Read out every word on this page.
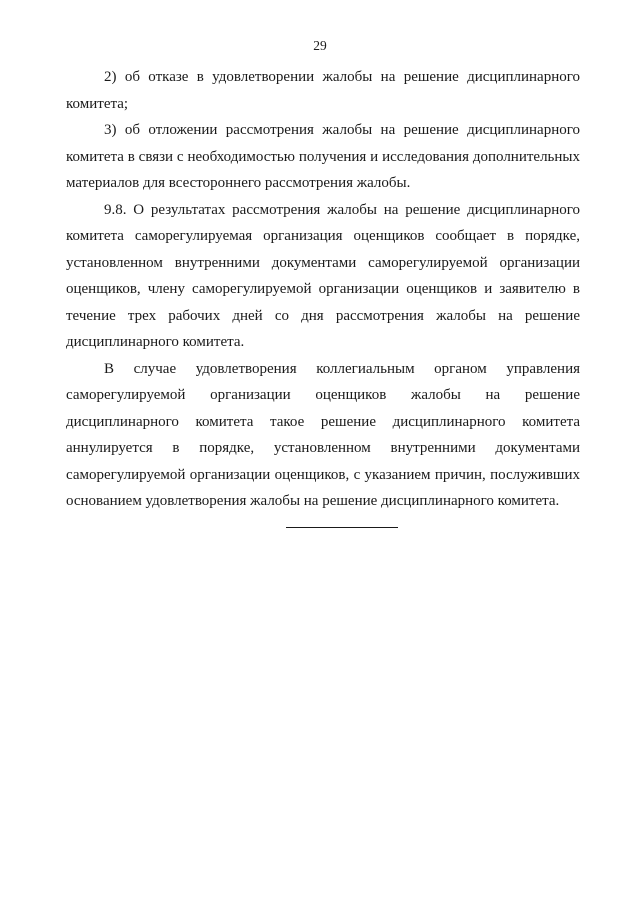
29

2) об отказе в удовлетворении жалобы на решение дисциплинарного комитета;

3) об отложении рассмотрения жалобы на решение дисциплинарного комитета в связи с необходимостью получения и исследования дополнительных материалов для всестороннего рассмотрения жалобы.

9.8. О результатах рассмотрения жалобы на решение дисциплинарного комитета саморегулируемая организация оценщиков сообщает в порядке, установленном внутренними документами саморегулируемой организации оценщиков, члену саморегулируемой организации оценщиков и заявителю в течение трех рабочих дней со дня рассмотрения жалобы на решение дисциплинарного комитета.

В случае удовлетворения коллегиальным органом управления саморегулируемой организации оценщиков жалобы на решение дисциплинарного комитета такое решение дисциплинарного комитета аннулируется в порядке, установленном внутренними документами саморегулируемой организации оценщиков, с указанием причин, послуживших основанием удовлетворения жалобы на решение дисциплинарного комитета.
